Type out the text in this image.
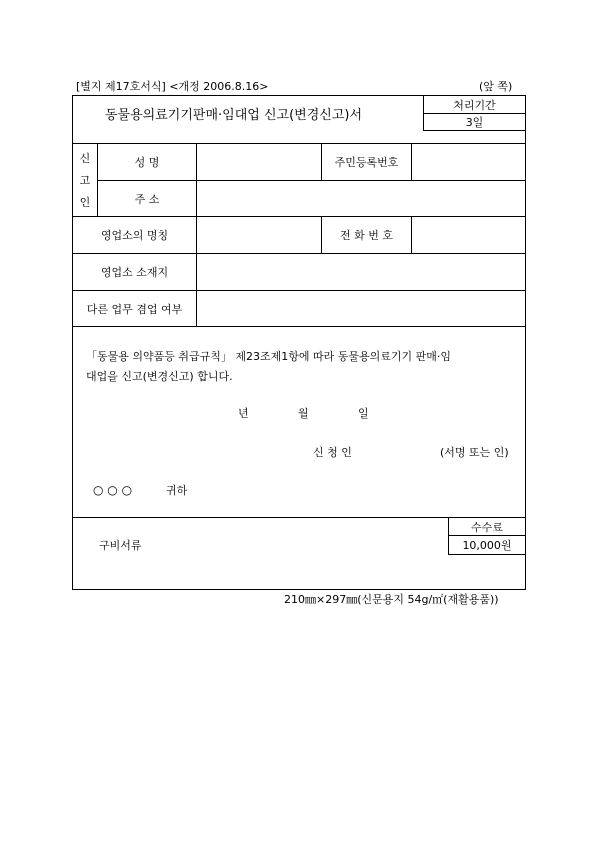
[별지 제17호서식] <개정 2006.8.16>	(앞 쪽)
동물용의료기기판매·임대업 신고(변경신고)서
처리기간
3일
신
고
인
성 명	주민등록번호
주 소
영업소의 명칭	전 화 번 호
영업소 소재지
다른 업무 겸업 여부
「동물용 의약품등 취급규칙」 제23조제1항에 따라 동물용의료기기 판매·임
대업을 신고(변경신고) 합니다.
년	월	일
신 청 인	(서명 또는 인)
○ ○ ○	귀하
구비서류
수수료
10,000원
210㎜×297㎜(신문용지 54g/㎡(재활용품))
